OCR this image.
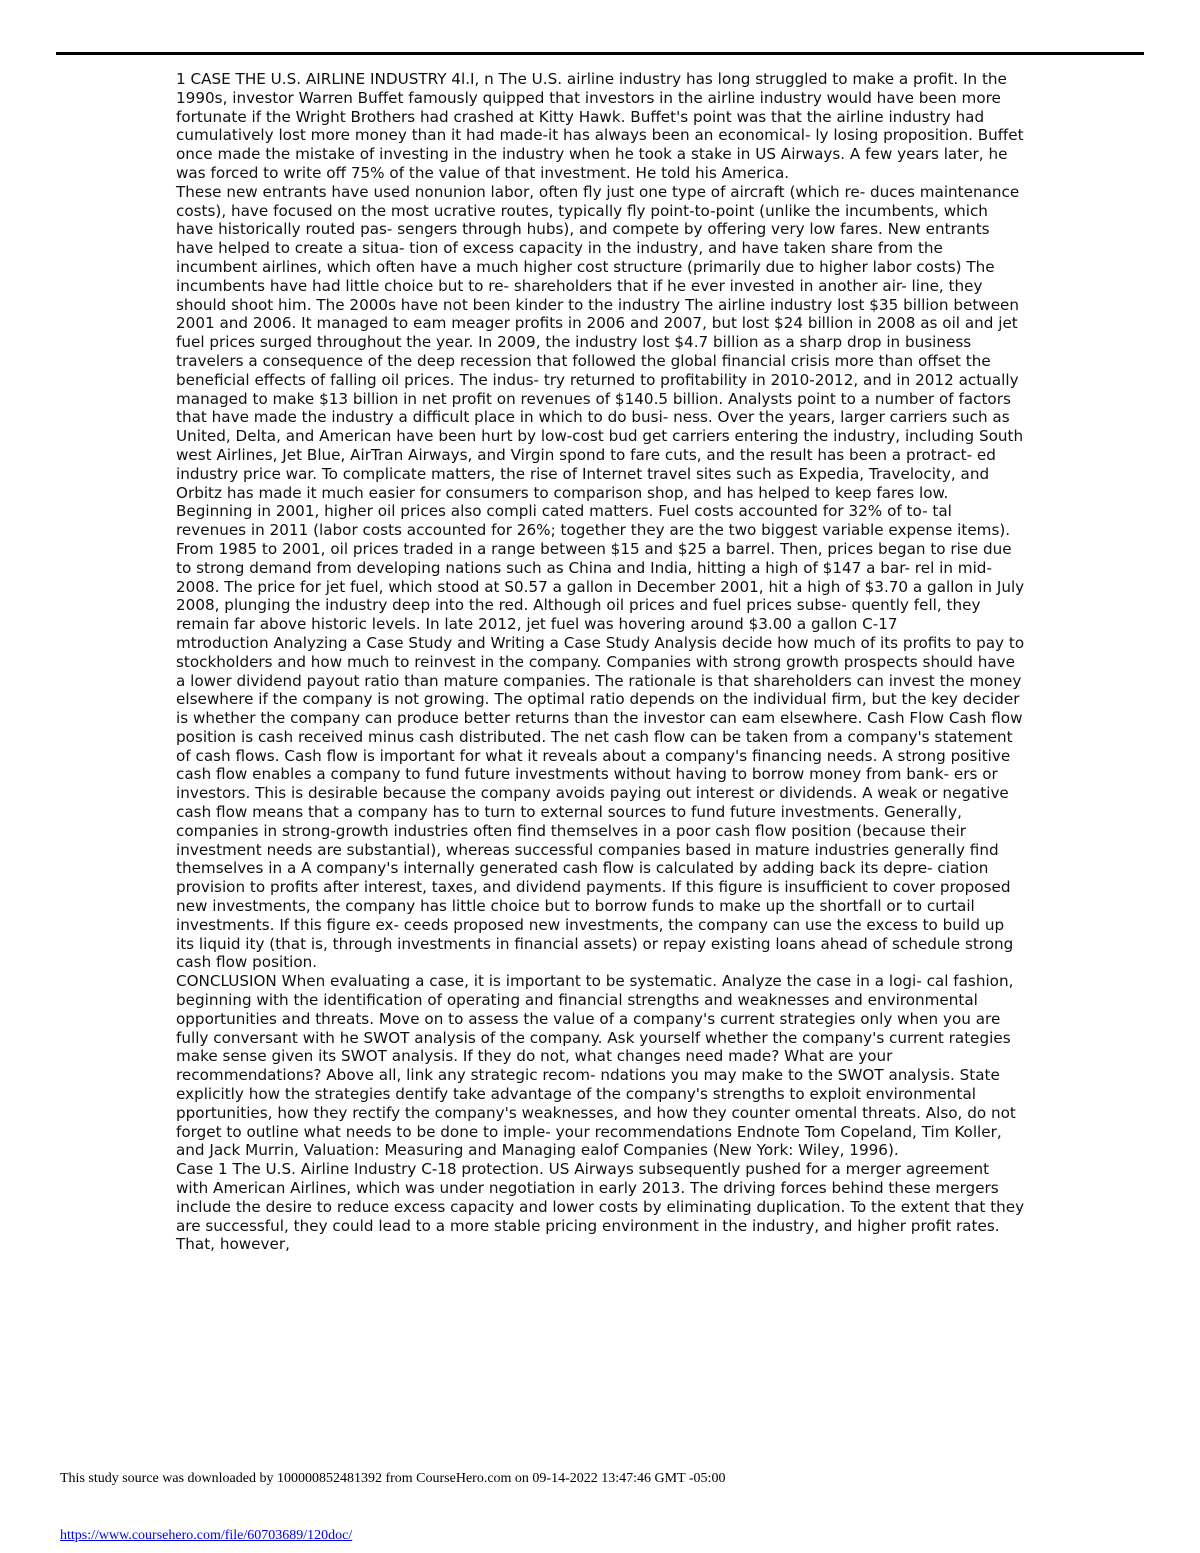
1 CASE THE U.S. AIRLINE INDUSTRY 4l.I, n The U.S. airline industry has long struggled to make a profit. In the 1990s, investor Warren Buffet famously quipped that investors in the airline industry would have been more fortunate if the Wright Brothers had crashed at Kitty Hawk. Buffet's point was that the airline industry had cumulatively lost more money than it had made-it has always been an economical- ly losing proposition. Buffet once made the mistake of investing in the industry when he took a stake in US Airways. A few years later, he was forced to write off 75% of the value of that investment. He told his America.

These new entrants have used nonunion labor, often fly just one type of aircraft (which re- duces maintenance costs), have focused on the most ucrative routes, typically fly point-to-point (unlike the incumbents, which have historically routed pas- sengers through hubs), and compete by offering very low fares. New entrants have helped to create a situa- tion of excess capacity in the industry, and have taken share from the incumbent airlines, which often have a much higher cost structure (primarily due to higher labor costs) The incumbents have had little choice but to re- shareholders that if he ever invested in another air- line, they should shoot him. The 2000s have not been kinder to the industry The airline industry lost $35 billion between 2001 and 2006. It managed to eam meager profits in 2006 and 2007, but lost $24 billion in 2008 as oil and jet fuel prices surged throughout the year. In 2009, the industry lost $4.7 billion as a sharp drop in business travelers a consequence of the deep recession that followed the global financial crisis more than offset the beneficial effects of falling oil prices. The indus- try returned to profitability in 2010-2012, and in 2012 actually managed to make $13 billion in net profit on revenues of $140.5 billion. Analysts point to a number of factors that have made the industry a difficult place in which to do busi- ness. Over the years, larger carriers such as United, Delta, and American have been hurt by low-cost bud get carriers entering the industry, including South west Airlines, Jet Blue, AirTran Airways, and Virgin spond to fare cuts, and the result has been a protract- ed industry price war. To complicate matters, the rise of Internet travel sites such as Expedia, Travelocity, and Orbitz has made it much easier for consumers to comparison shop, and has helped to keep fares low. Beginning in 2001, higher oil prices also compli cated matters. Fuel costs accounted for 32% of to- tal revenues in 2011 (labor costs accounted for 26%; together they are the two biggest variable expense items). From 1985 to 2001, oil prices traded in a range between $15 and $25 a barrel. Then, prices began to rise due to strong demand from developing nations such as China and India, hitting a high of $147 a bar- rel in mid-2008. The price for jet fuel, which stood at S0.57 a gallon in December 2001, hit a high of $3.70 a gallon in July 2008, plunging the industry deep into the red. Although oil prices and fuel prices subse- quently fell, they remain far above historic levels. In late 2012, jet fuel was hovering around $3.00 a gallon C-17

mtroduction Analyzing a Case Study and Writing a Case Study Analysis decide how much of its profits to pay to stockholders and how much to reinvest in the company. Companies with strong growth prospects should have a lower dividend payout ratio than mature companies. The rationale is that shareholders can invest the money elsewhere if the company is not growing. The optimal ratio depends on the individual firm, but the key decider is whether the company can produce better returns than the investor can eam elsewhere. Cash Flow Cash flow position is cash received minus cash distributed. The net cash flow can be taken from a company's statement of cash flows. Cash flow is important for what it reveals about a company's financing needs. A strong positive cash flow enables a company to fund future investments without having to borrow money from bank- ers or investors. This is desirable because the company avoids paying out interest or dividends. A weak or negative cash flow means that a company has to turn to external sources to fund future investments. Generally, companies in strong-growth industries often find themselves in a poor cash flow position (because their investment needs are substantial), whereas successful companies based in mature industries generally find themselves in a A company's internally generated cash flow is calculated by adding back its depre- ciation provision to profits after interest, taxes, and dividend payments. If this figure is insufficient to cover proposed new investments, the company has little choice but to borrow funds to make up the shortfall or to curtail investments. If this figure ex- ceeds proposed new investments, the company can use the excess to build up its liquid ity (that is, through investments in financial assets) or repay existing loans ahead of schedule strong cash flow position.

CONCLUSION When evaluating a case, it is important to be systematic. Analyze the case in a logi- cal fashion, beginning with the identification of operating and financial strengths and weaknesses and environmental opportunities and threats. Move on to assess the value of a company's current strategies only when you are fully conversant with he SWOT analysis of the company. Ask yourself whether the company's current rategies make sense given its SWOT analysis. If they do not, what changes need made? What are your recommendations? Above all, link any strategic recom- ndations you may make to the SWOT analysis. State explicitly how the strategies dentify take advantage of the company's strengths to exploit environmental pportunities, how they rectify the company's weaknesses, and how they counter omental threats. Also, do not forget to outline what needs to be done to imple- your recommendations Endnote Tom Copeland, Tim Koller, and Jack Murrin, Valuation: Measuring and Managing ealof Companies (New York: Wiley, 1996).

Case 1 The U.S. Airline Industry C-18 protection. US Airways subsequently pushed for a merger agreement with American Airlines, which was under negotiation in early 2013. The driving forces behind these mergers include the desire to reduce excess capacity and lower costs by eliminating duplication. To the extent that they are successful, they could lead to a more stable pricing environment in the industry, and higher profit rates. That, however,

This study source was downloaded by 100000852481392 from CourseHero.com on 09-14-2022 13:47:46 GMT -05:00
https://www.coursehero.com/file/60703689/120doc/
